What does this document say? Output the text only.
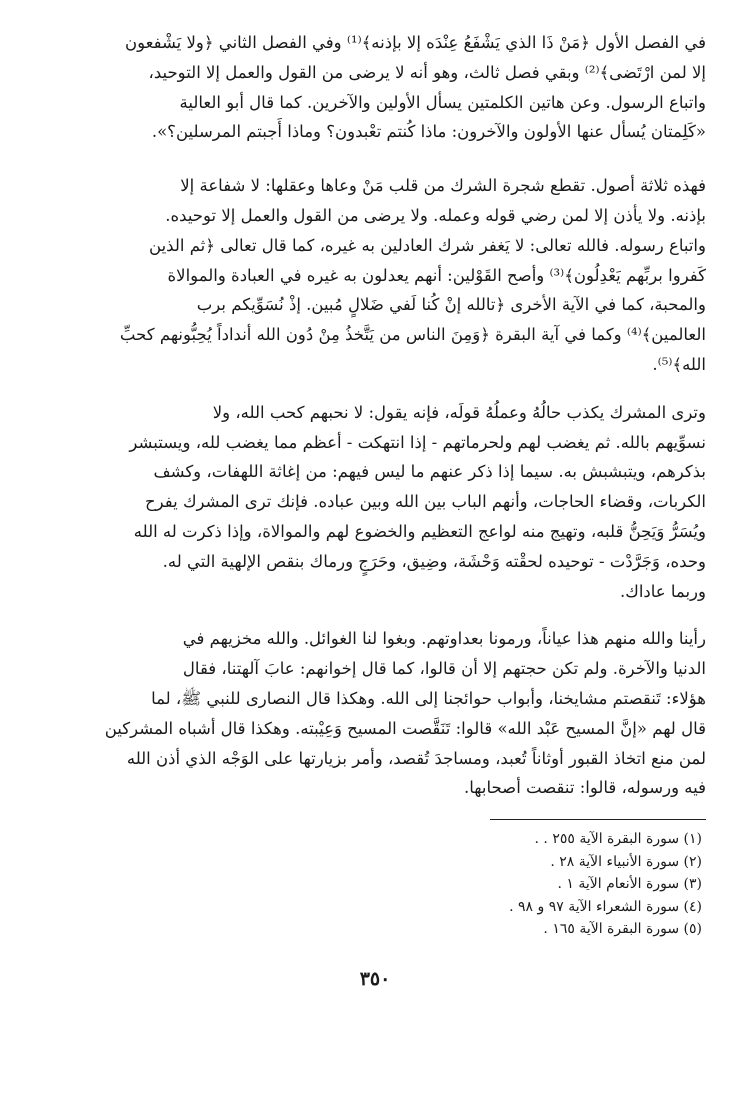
في الفصل الأول ﴿مَنْ ذَا الذي يَشْفَعُ عِنْدَه إلا بإذنه﴾⁽¹⁾ وفي الفصل الثاني ﴿ولا يَشْفعون

إلا لمن ارْتَضى﴾⁽²⁾ وبقي فصل ثالث، وهو أنه لا يرضى من القول والعمل إلا التوحيد،

واتباع الرسول. وعن هاتين الكلمتين يسأل الأولين والآخرين. كما قال أبو العالية

«كَلِمتان يُسأل عنها الأولون والآخرون: ماذا كُنتم تعْبدون؟ وماذا أَجبتم المرسلين؟».

فهذه ثلاثة أصول. تقطع شجرة الشرك من قلب مَنْ وعاها وعقلها: لا شفاعة إلا

بإذنه. ولا يأذن إلا لمن رضي قوله وعمله. ولا يرضى من القول والعمل إلا توحيده.

واتباع رسوله. فالله تعالى: لا يَغفر شرك العادلين به غيره، كما قال تعالى ﴿ثم الذين

كَفروا بربِّهم يَعْدِلُون﴾⁽³⁾ وأصح القَوْلين: أنهم يعدلون به غيره في العبادة والموالاة

والمحبة، كما في الآية الأخرى ﴿تالله إنْ كُنا لَفي ضَلالٍ مُبين. إذْ نُسَوِّيكم برب

العالمين﴾⁽⁴⁾ وكما في آية البقرة ﴿وَمِنَ الناس من يَتَّخذُ مِنْ دُون الله أنداداً يُحِبُّونهم كحبِّ

الله﴾⁽⁵⁾.

وترى المشرك يكذب حالُهُ وعملُهُ قولَه، فإنه يقول: لا نحبهم كحب الله، ولا

نسوِّيهم بالله. ثم يغضب لهم ولحرماتهم - إذا انتهكت - أعظم مما يغضب لله، ويستبشر

بذكرهم، ويتبشبش به. سيما إذا ذكر عنهم ما ليس فيهم: من إغاثة اللهفات، وكشف

الكربات، وقضاء الحاجات، وأنهم الباب بين الله وبين عباده. فإنك ترى المشرك يفرح

ويُسَرُّ وَيَحِنُّ قلبه، وتهيج منه لواعج التعظيم والخضوع لهم والموالاة، وإذا ذكرت له الله

وحده، وَجَرَّدْت - توحيده لحقْته وَحْشَة، وضِيق، وحَرَجٍ ورماك بنقص الإلهية التي له.

وربما عاداك.

رأينا والله منهم هذا عياناً، ورمونا بعداوتهم. وبغوا لنا الغوائل. والله مخزيهم في

الدنيا والآخرة. ولم تكن حجتهم إلا أن قالوا، كما قال إخوانهم: عابَ آلهتنا، فقال

هؤلاء: تَنقصتم مشايخنا، وأبواب حوائجنا إلى الله. وهكذا قال النصارى للنبي ﷺ، لما

قال لهم «إنَّ المسيح عَبْد الله» قالوا: تَنَقَّصت المسيح وَعِيْبته. وهكذا قال أشباه المشركين

لمن منع اتخاذ القبور أوثاناً تُعبد، ومساجدَ تُقصد، وأمر بزيارتها على الوَجْه الذي أذن الله

فيه ورسوله، قالوا: تنقصت أصحابها.

(١) سورة البقرة الآية ٢٥٥ . .
(٢) سورة الأنبياء الآية ٢٨ .
(٣) سورة الأنعام الآية ١ .
(٤) سورة الشعراء الآية ٩٧ و ٩٨ .
(٥) سورة البقرة الآية ١٦٥ .
٣٥٠
